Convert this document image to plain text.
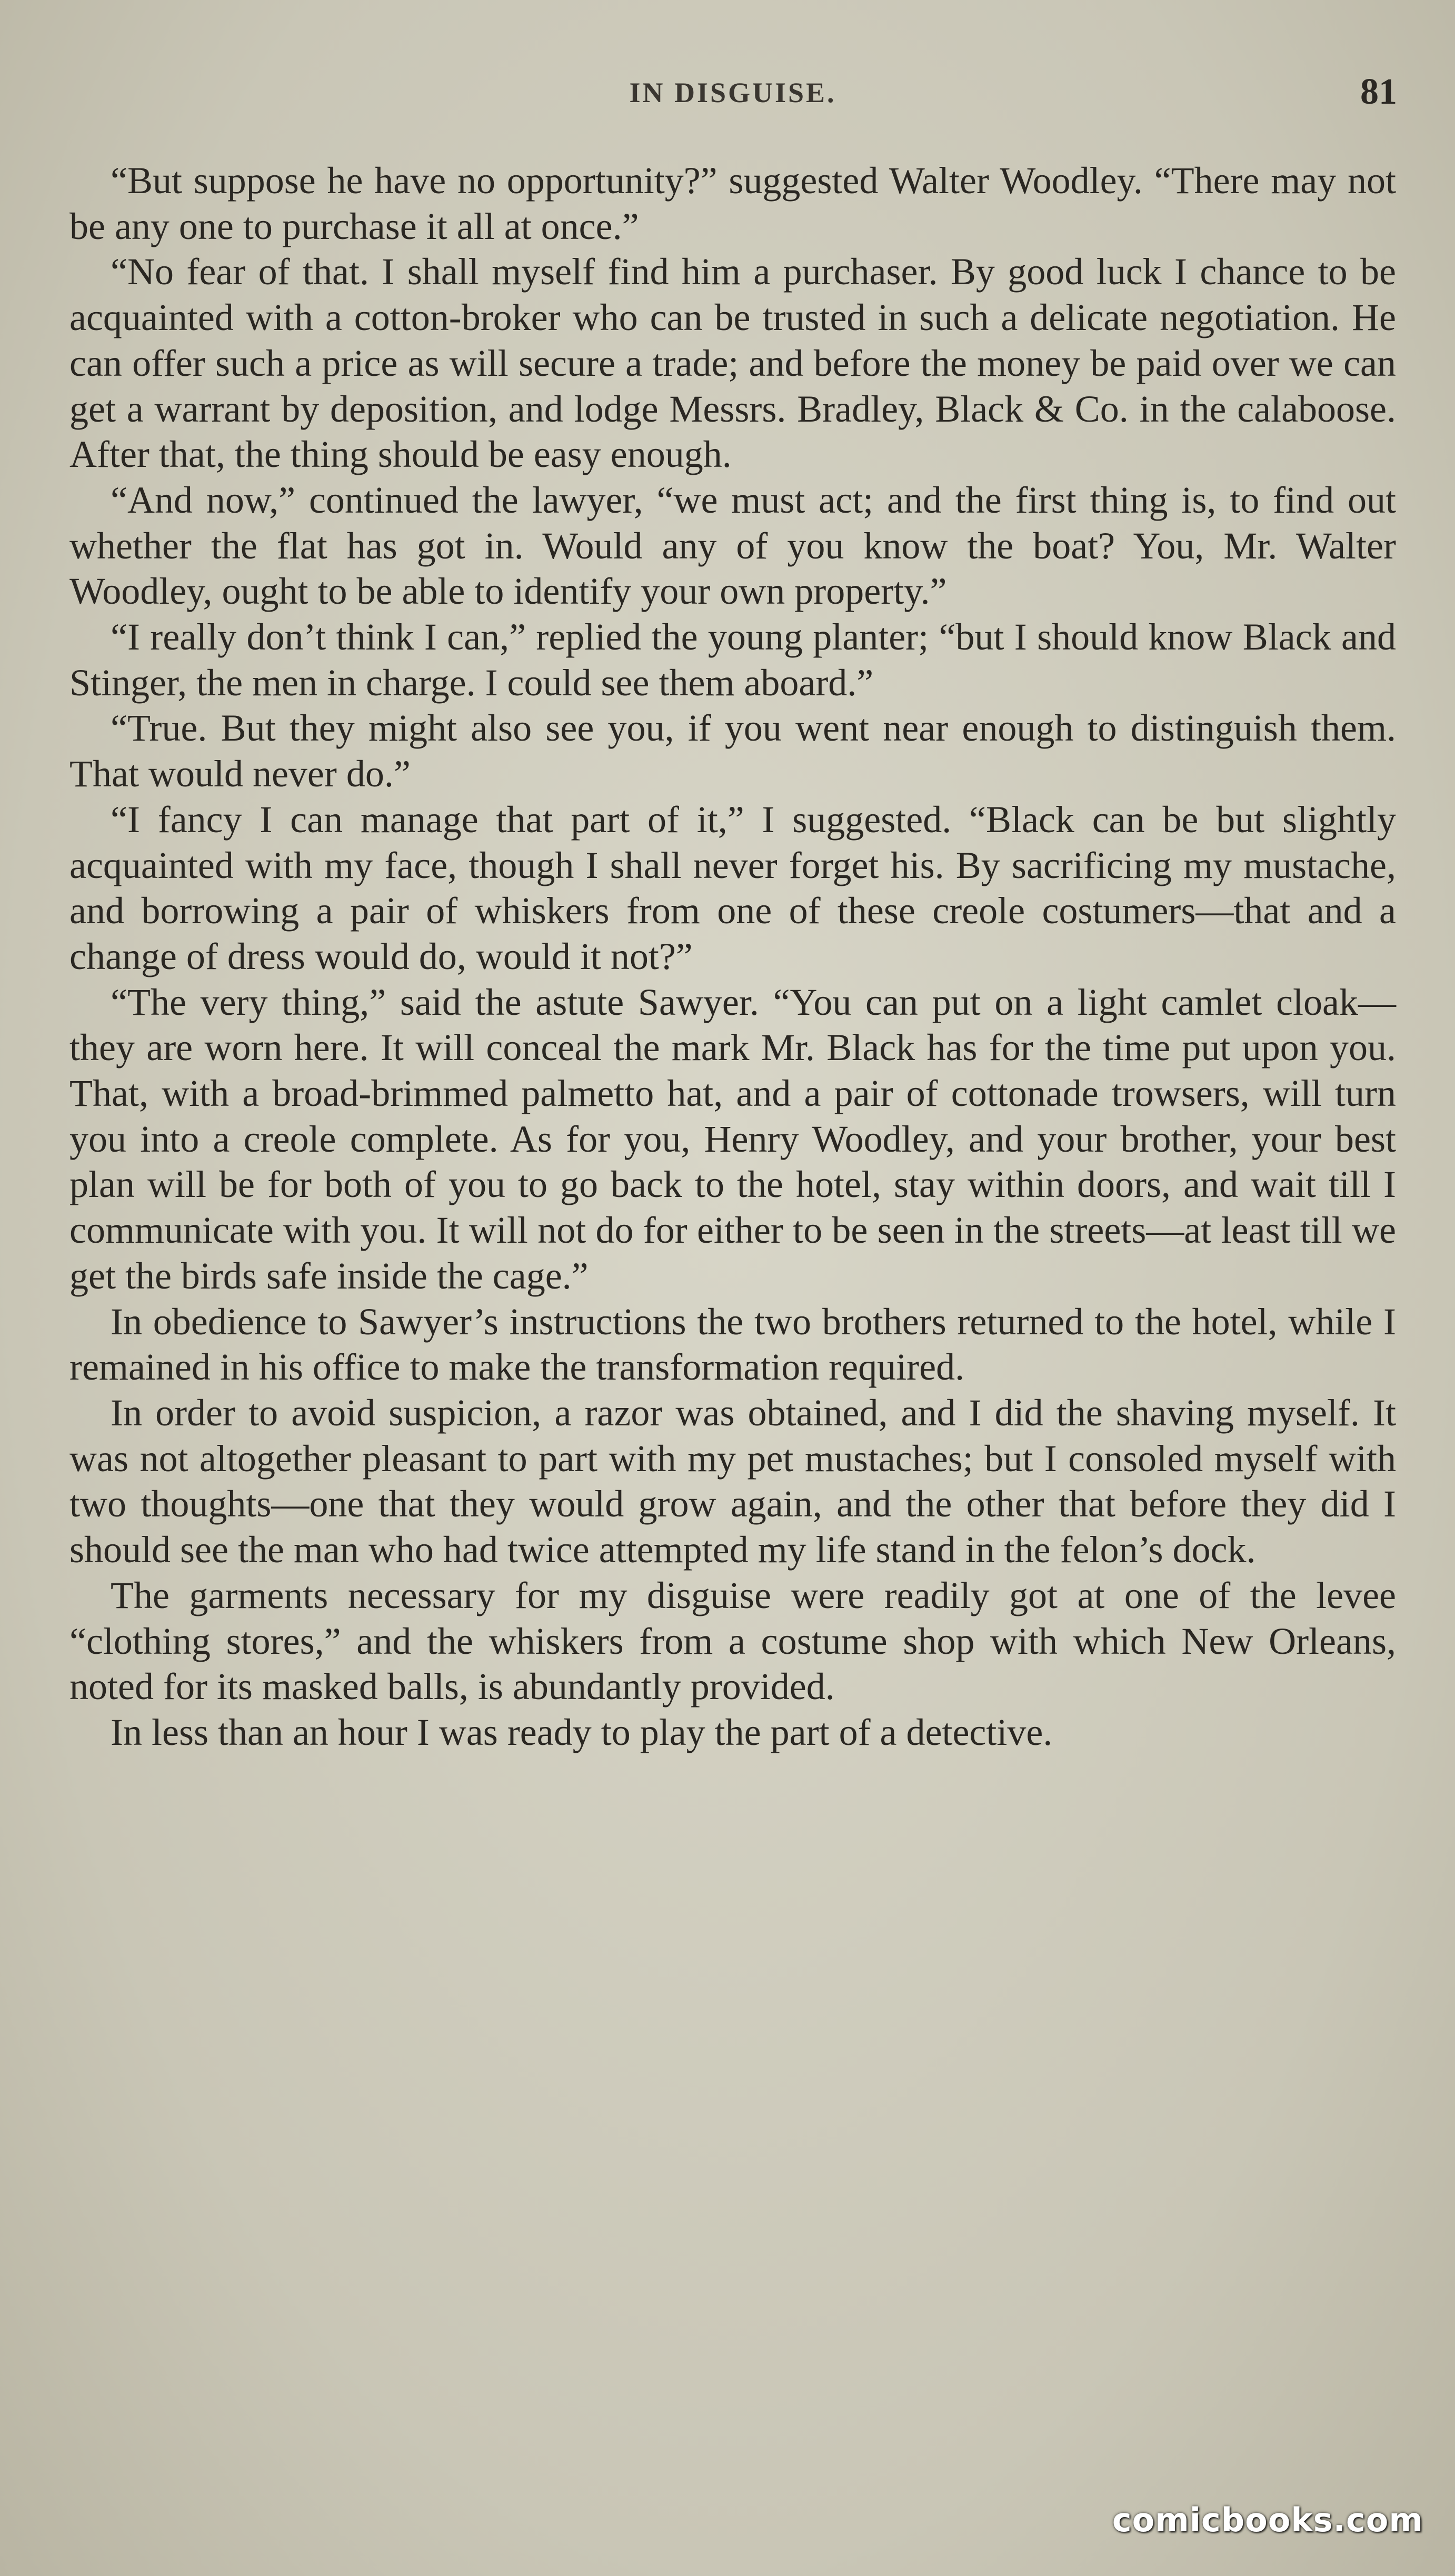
IN DISGUISE.	81

“But suppose he have no opportunity?” suggested Walter Woodley. “There may not be any one to purchase it all at once.”

“No fear of that. I shall myself find him a purchaser. By good luck I chance to be acquainted with a cotton-broker who can be trusted in such a delicate negotiation. He can offer such a price as will secure a trade; and before the money be paid over we can get a warrant by deposition, and lodge Messrs. Bradley, Black & Co. in the calaboose. After that, the thing should be easy enough.

“And now,” continued the lawyer, “we must act; and the first thing is, to find out whether the flat has got in. Would any of you know the boat? You, Mr. Walter Woodley, ought to be able to identify your own property.”

“I really don’t think I can,” replied the young planter; “but I should know Black and Stinger, the men in charge. I could see them aboard.”

“True. But they might also see you, if you went near enough to distinguish them. That would never do.”

“I fancy I can manage that part of it,” I suggested. “Black can be but slightly acquainted with my face, though I shall never forget his. By sacrificing my mustache, and borrowing a pair of whiskers from one of these creole costumers—that and a change of dress would do, would it not?”

“The very thing,” said the astute Sawyer. “You can put on a light camlet cloak—they are worn here. It will conceal the mark Mr. Black has for the time put upon you. That, with a broad-brimmed palmetto hat, and a pair of cottonade trowsers, will turn you into a creole complete. As for you, Henry Woodley, and your brother, your best plan will be for both of you to go back to the hotel, stay within doors, and wait till I communicate with you. It will not do for either to be seen in the streets—at least till we get the birds safe inside the cage.”

In obedience to Sawyer’s instructions the two brothers returned to the hotel, while I remained in his office to make the transformation required.

In order to avoid suspicion, a razor was obtained, and I did the shaving myself. It was not altogether pleasant to part with my pet mustaches; but I consoled myself with two thoughts—one that they would grow again, and the other that before they did I should see the man who had twice attempted my life stand in the felon’s dock.

The garments necessary for my disguise were readily got at one of the levee “clothing stores,” and the whiskers from a costume shop with which New Orleans, noted for its masked balls, is abundantly provided.

In less than an hour I was ready to play the part of a detective.

comicbooks.com
